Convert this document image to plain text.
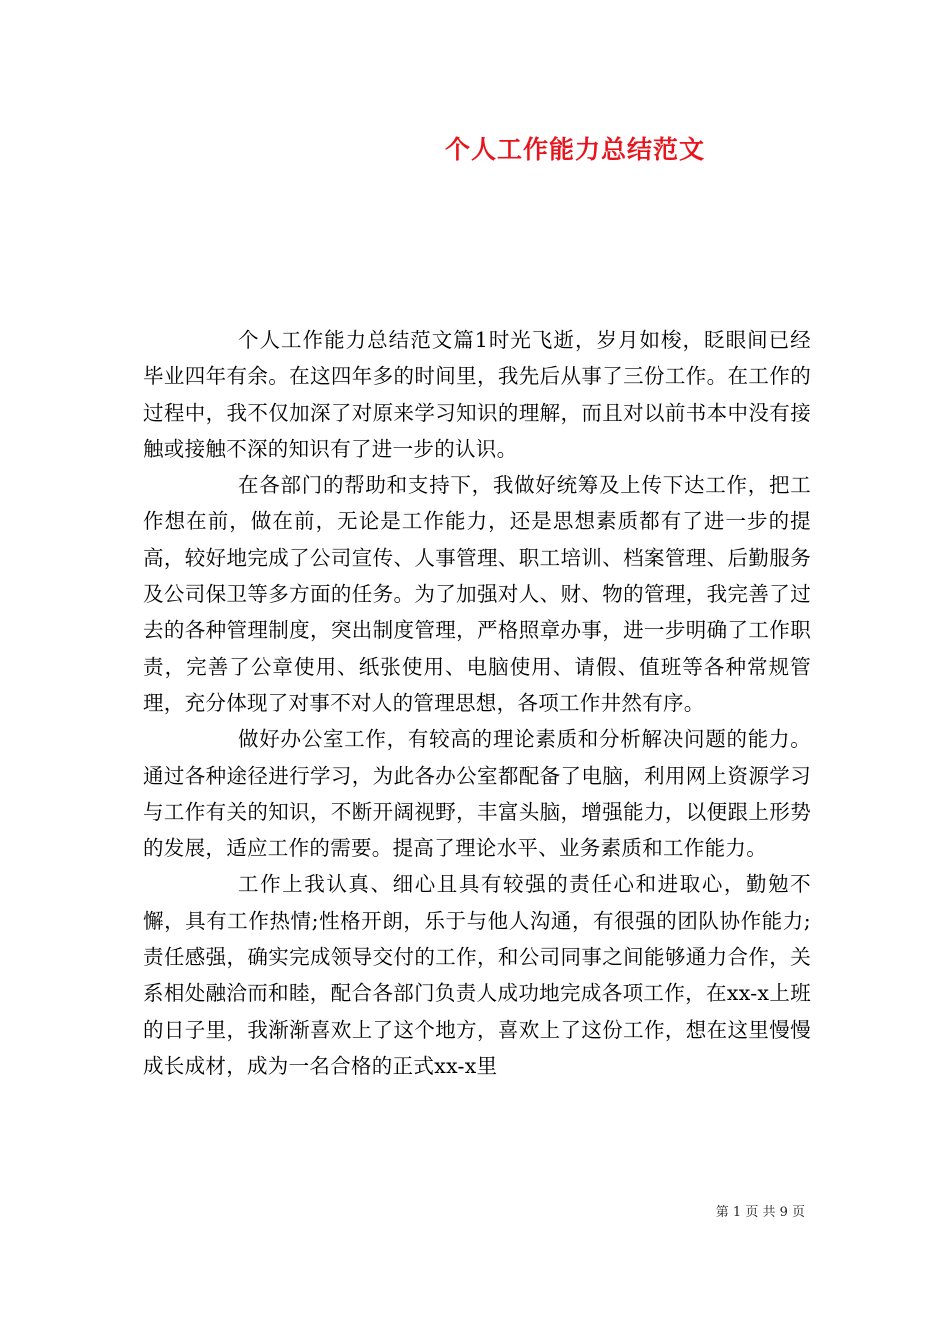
个人工作能力总结范文

个人工作能力总结范文篇1时光飞逝，岁月如梭，眨眼间已经毕业四年有余。在这四年多的时间里，我先后从事了三份工作。在工作的过程中，我不仅加深了对原来学习知识的理解，而且对以前书本中没有接触或接触不深的知识有了进一步的认识。

在各部门的帮助和支持下，我做好统筹及上传下达工作，把工作想在前，做在前，无论是工作能力，还是思想素质都有了进一步的提高，较好地完成了公司宣传、人事管理、职工培训、档案管理、后勤服务及公司保卫等多方面的任务。为了加强对人、财、物的管理，我完善了过去的各种管理制度，突出制度管理，严格照章办事，进一步明确了工作职责，完善了公章使用、纸张使用、电脑使用、请假、值班等各种常规管理，充分体现了对事不对人的管理思想，各项工作井然有序。

做好办公室工作，有较高的理论素质和分析解决问题的能力。通过各种途径进行学习，为此各办公室都配备了电脑，利用网上资源学习与工作有关的知识，不断开阔视野，丰富头脑，增强能力，以便跟上形势的发展，适应工作的需要。提高了理论水平、业务素质和工作能力。

工作上我认真、细心且具有较强的责任心和进取心，勤勉不懈，具有工作热情;性格开朗，乐于与他人沟通，有很强的团队协作能力;责任感强，确实完成领导交付的工作，和公司同事之间能够通力合作，关系相处融洽而和睦，配合各部门负责人成功地完成各项工作，在xx-x上班的日子里，我渐渐喜欢上了这个地方，喜欢上了这份工作，想在这里慢慢成长成材，成为一名合格的正式xx-x里

第 1 页 共 9 页
